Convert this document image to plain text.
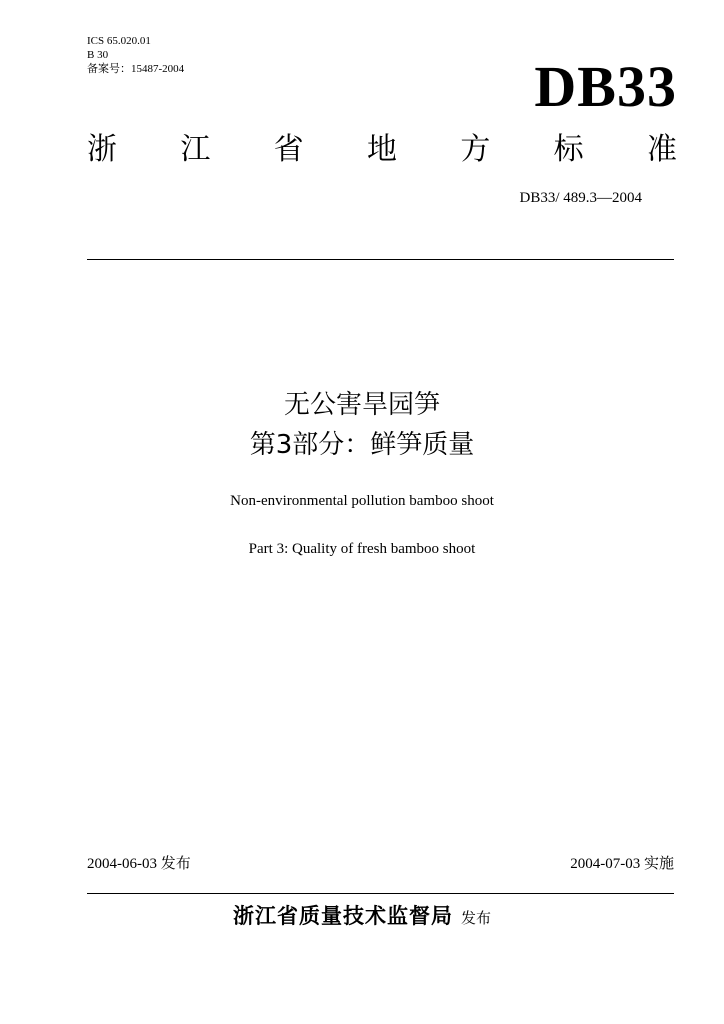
ICS 65.020.01
B 30
备案号：15487-2004	DB33
浙 江 省 地 方 标 准
DB33/ 489.3—2004
无公害旱园笋
第3部分：鲜笋质量
Non-environmental pollution bamboo shoot
Part 3: Quality of fresh bamboo shoot
2004-06-03 发布	2004-07-03 实施
浙江省质量技术监督局 发布
